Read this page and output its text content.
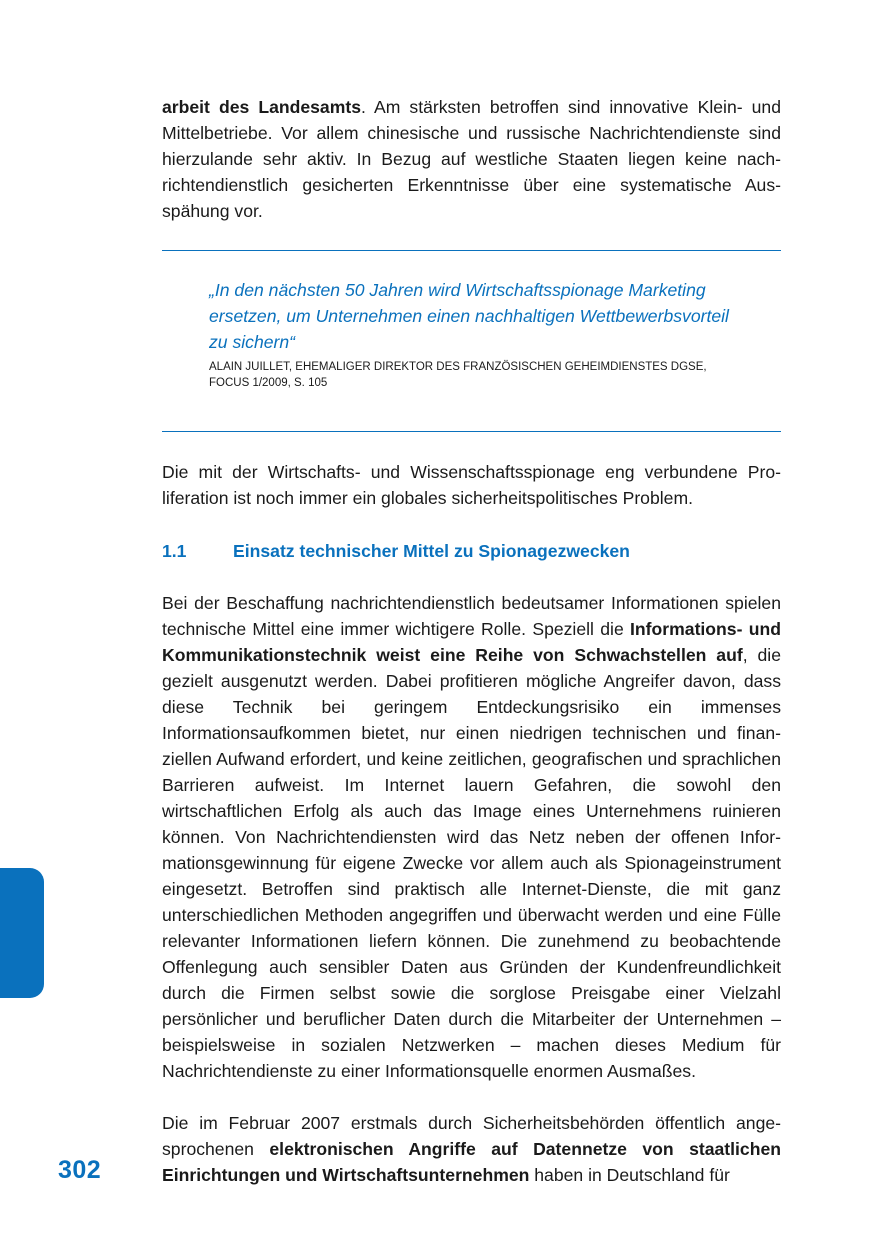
arbeit des Landesamts. Am stärksten betroffen sind innovative Klein- und Mittelbetriebe. Vor allem chinesische und russische Nachrichtendienste sind hierzulande sehr aktiv. In Bezug auf westliche Staaten liegen keine nachrichtendienstlich gesicherten Erkenntnisse über eine systematische Ausspähung vor.

„In den nächsten 50 Jahren wird Wirtschaftsspionage Marketing ersetzen, um Unternehmen einen nachhaltigen Wettbewerbsvorteil zu sichern“

ALAIN JUILLET, EHEMALIGER DIREKTOR DES FRANZÖSISCHEN GEHEIMDIENSTES DGSE,
FOCUS 1/2009, S. 105

Die mit der Wirtschafts- und Wissenschaftsspionage eng verbundene Proliferation ist noch immer ein globales sicherheitspolitisches Problem.

1.1	Einsatz technischer Mittel zu Spionagezwecken

Bei der Beschaffung nachrichtendienstlich bedeutsamer Informationen spielen technische Mittel eine immer wichtigere Rolle. Speziell die Informations- und Kommunikationstechnik weist eine Reihe von Schwachstellen auf, die gezielt ausgenutzt werden. Dabei profitieren mögliche Angreifer davon, dass diese Technik bei geringem Entdeckungsrisiko ein immenses Informationsaufkommen bietet, nur einen niedrigen technischen und finanziellen Aufwand erfordert, und keine zeitlichen, geografischen und sprachlichen Barrieren aufweist. Im Internet lauern Gefahren, die sowohl den wirtschaftlichen Erfolg als auch das Image eines Unternehmens ruinieren können. Von Nachrichtendiensten wird das Netz neben der offenen Informationsgewinnung für eigene Zwecke vor allem auch als Spionageinstrument eingesetzt. Betroffen sind praktisch alle Internet-Dienste, die mit ganz unterschiedlichen Methoden angegriffen und überwacht werden und eine Fülle relevanter Informationen liefern können. Die zunehmend zu beobachtende Offenlegung auch sensibler Daten aus Gründen der Kundenfreundlichkeit durch die Firmen selbst sowie die sorglose Preisgabe einer Vielzahl persönlicher und beruflicher Daten durch die Mitarbeiter der Unternehmen – beispielsweise in sozialen Netzwerken – machen dieses Medium für Nachrichtendienste zu einer Informationsquelle enormen Ausmaßes.

Die im Februar 2007 erstmals durch Sicherheitsbehörden öffentlich angesprochenen elektronischen Angriffe auf Datennetze von staatlichen Einrichtungen und Wirtschaftsunternehmen haben in Deutschland für

302
